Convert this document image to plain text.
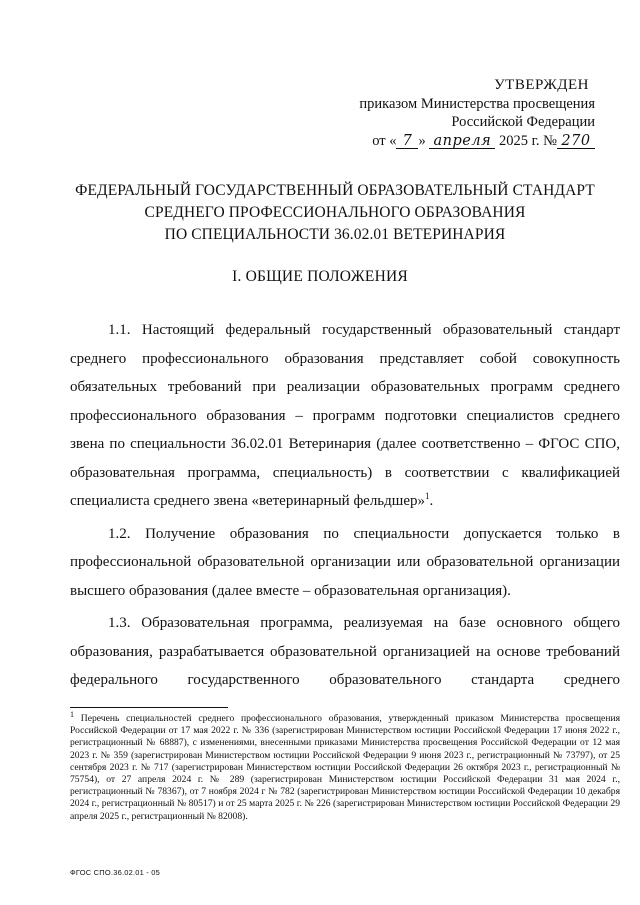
УТВЕРЖДЕН
приказом Министерства просвещения
Российской Федерации
от « 7 » апреля 2025 г. № 270
ФЕДЕРАЛЬНЫЙ ГОСУДАРСТВЕННЫЙ ОБРАЗОВАТЕЛЬНЫЙ СТАНДАРТ
СРЕДНЕГО ПРОФЕССИОНАЛЬНОГО ОБРАЗОВАНИЯ
ПО СПЕЦИАЛЬНОСТИ 36.02.01 ВЕТЕРИНАРИЯ
I. ОБЩИЕ ПОЛОЖЕНИЯ

1.1. Настоящий федеральный государственный образовательный стандарт среднего профессионального образования представляет собой совокупность обязательных требований при реализации образовательных программ среднего профессионального образования – программ подготовки специалистов среднего звена по специальности 36.02.01 Ветеринария (далее соответственно – ФГОС СПО, образовательная программа, специальность) в соответствии с квалификацией специалиста среднего звена «ветеринарный фельдшер»$^1$.

1.2. Получение образования по специальности допускается только в профессиональной образовательной организации или образовательной организации высшего образования (далее вместе – образовательная организация).

1.3. Образовательная программа, реализуемая на базе основного общего образования, разрабатывается образовательной организацией на основе требований федерального государственного образовательного стандарта среднего

$^1$ Перечень специальностей среднего профессионального образования, утвержденный приказом Министерства просвещения Российской Федерации от 17 мая 2022 г. № 336 (зарегистрирован Министерством юстиции Российской Федерации 17 июня 2022 г., регистрационный № 68887), с изменениями, внесенными приказами Министерства просвещения Российской Федерации от 12 мая 2023 г. № 359 (зарегистрирован Министерством юстиции Российской Федерации 9 июня 2023 г., регистрационный № 73797), от 25 сентября 2023 г. № 717 (зарегистрирован Министерством юстиции Российской Федерации 26 октября 2023 г., регистрационный № 75754), от 27 апреля 2024 г. № 289 (зарегистрирован Министерством юстиции Российской Федерации 31 мая 2024 г., регистрационный № 78367), от 7 ноября 2024 г № 782 (зарегистрирован Министерством юстиции Российской Федерации 10 декабря 2024 г., регистрационный № 80517) и от 25 марта 2025 г. № 226 (зарегистрирован Министерством юстиции Российской Федерации 29 апреля 2025 г., регистрационный № 82008).
ФГОС СПО.36.02.01 - 05
